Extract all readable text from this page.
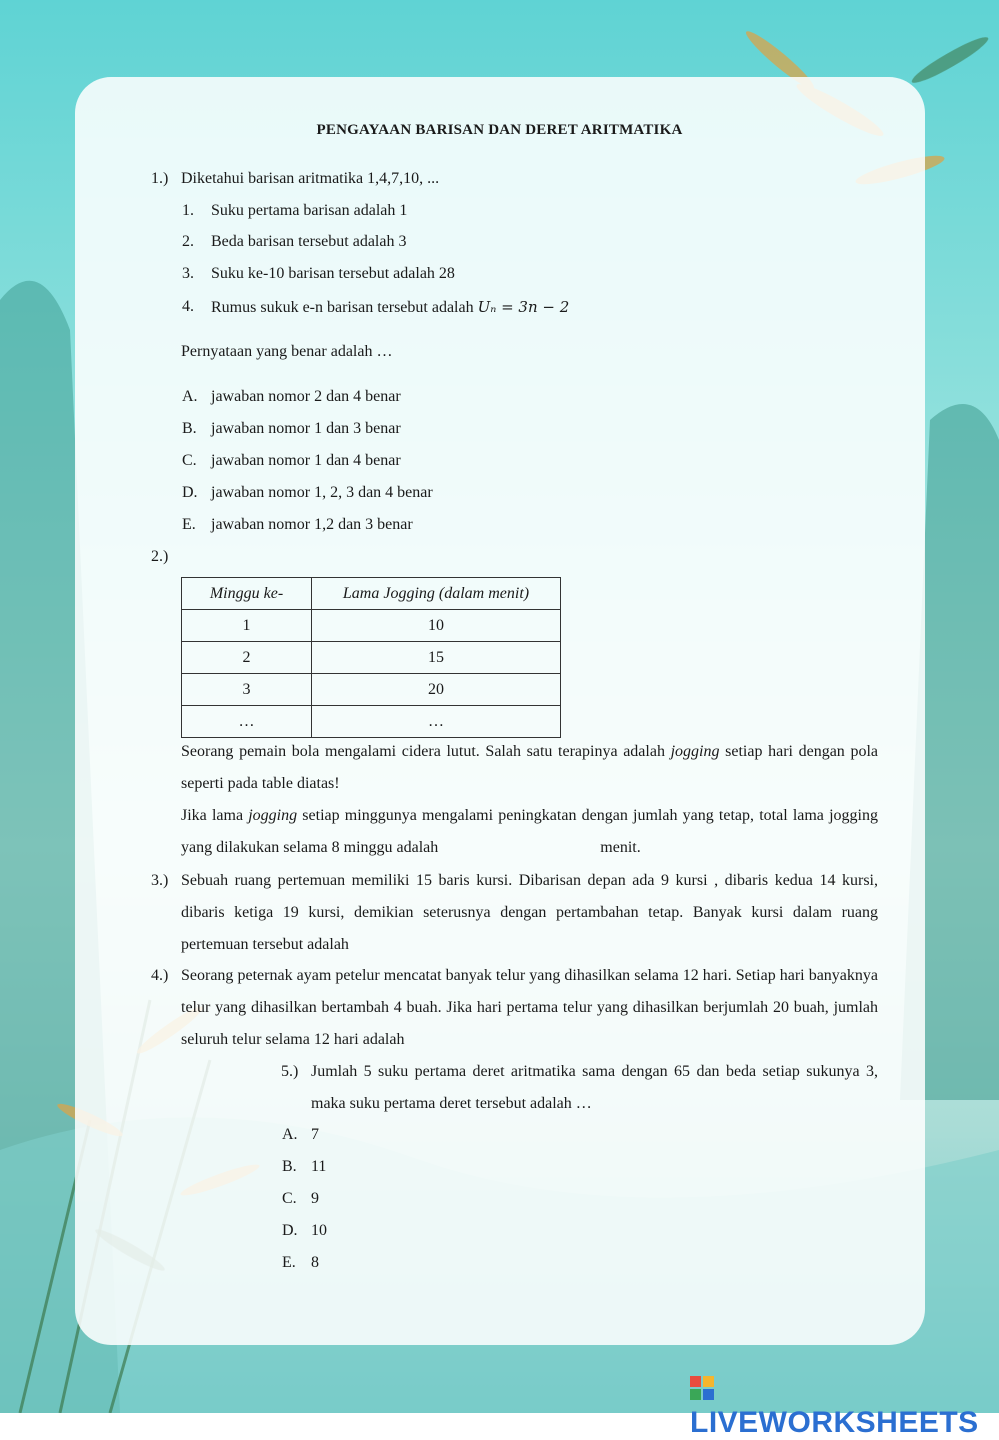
PENGAYAAN BARISAN DAN DERET ARITMATIKA
1.) Diketahui barisan aritmatika 1,4,7,10, ...
1. Suku pertama barisan adalah 1
2. Beda barisan tersebut adalah 3
3. Suku ke-10 barisan tersebut adalah 28
4. Rumus sukuk e-n barisan tersebut adalah Uₙ = 3n − 2
Pernyataan yang benar adalah …
A. jawaban nomor 2 dan 4 benar
B. jawaban nomor 1 dan 3 benar
C. jawaban nomor 1 dan 4 benar
D. jawaban nomor 1, 2, 3 dan 4 benar
E. jawaban nomor 1,2 dan 3 benar
2.)
Minggu ke-	Lama Jogging (dalam menit)
1	10
2	15
3	20
…	…
Seorang pemain bola mengalami cidera lutut. Salah satu terapinya adalah jogging setiap hari dengan pola seperti pada table diatas!
Jika lama jogging setiap minggunya mengalami peningkatan dengan jumlah yang tetap, total lama jogging yang dilakukan selama 8 minggu adalah	menit.
3.) Sebuah ruang pertemuan memiliki 15 baris kursi. Dibarisan depan ada 9 kursi , dibaris kedua 14 kursi, dibaris ketiga 19 kursi, demikian seterusnya dengan pertambahan tetap. Banyak kursi dalam ruang pertemuan tersebut adalah
4.) Seorang peternak ayam petelur mencatat banyak telur yang dihasilkan selama 12 hari. Setiap hari banyaknya telur yang dihasilkan bertambah 4 buah. Jika hari pertama telur yang dihasilkan berjumlah 20 buah, jumlah seluruh telur selama 12 hari adalah
5.) Jumlah 5 suku pertama deret aritmatika sama dengan 65 dan beda setiap sukunya 3, maka suku pertama deret tersebut adalah …
A. 7
B. 11
C. 9
D. 10
E. 8
LIVEWORKSHEETS
